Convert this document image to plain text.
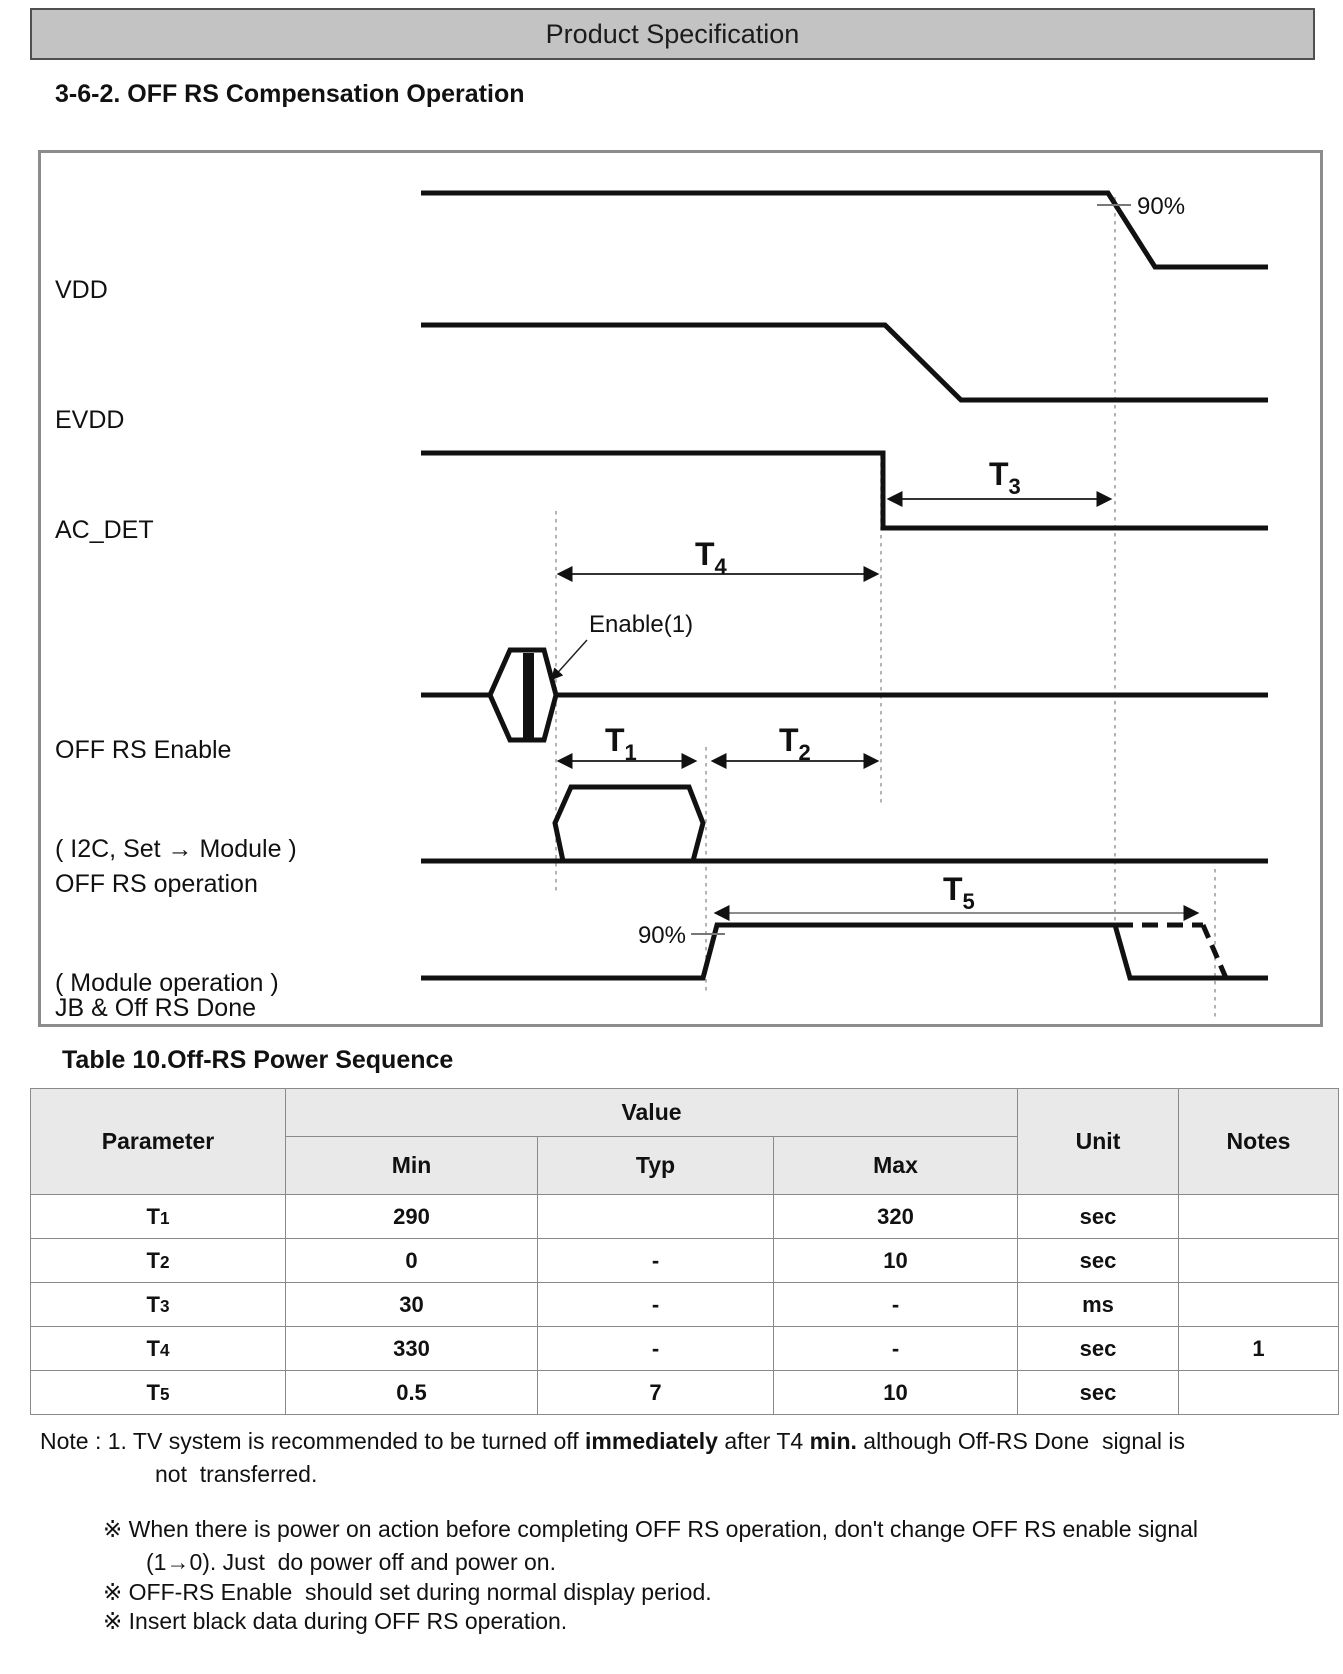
Product Specification
3-6-2. OFF RS Compensation Operation
90%
90%
$T_4$
$T_3$
$T_1$	$T_2$
$T_5$
Enable(1)

VDD

EVDD

AC_DET

OFF RS Enable

( I2C, Set → Module )

OFF RS operation

( Module operation )

JB & Off RS Done

Table 10.Off-RS Power Sequence
Parameter	Value			Unit	Notes
	Min	Typ	Max		
T1	290		320	sec	
T2	0	-	10	sec	
T3	30	-	-	ms	
T4	330	-	-	sec	1
T5	0.5	7	10	sec	
Note : 1. TV system is recommended to be turned off immediately after T4 min. although Off-RS Done  signal is
not  transferred.
※ When there is power on action before completing OFF RS operation, don't change OFF RS enable signal
(1→0). Just  do power off and power on.
※ OFF-RS Enable  should set during normal display period.
※ Insert black data during OFF RS operation.
